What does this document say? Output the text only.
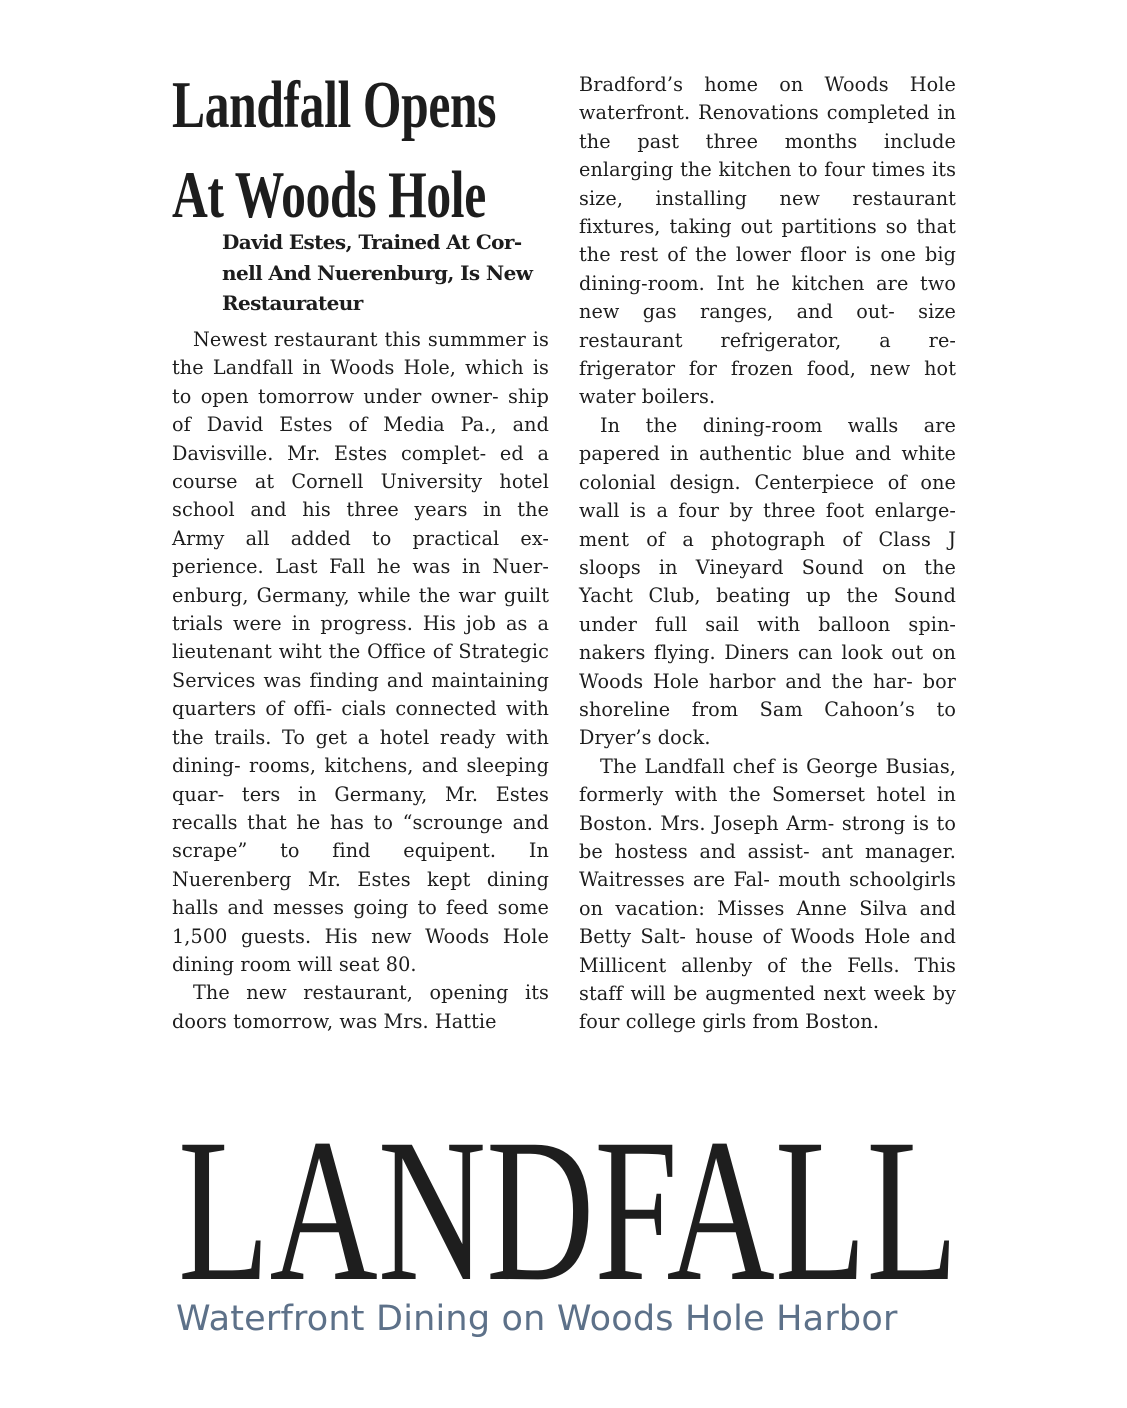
Landfall Opens
At Woods Hole
David Estes, Trained At Cor-
nell And Nuerenburg, Is New
Restaurateur

Newest restaurant this summmer is the Landfall in Woods Hole, which is to open tomorrow under owner- ship of David Estes of Media Pa., and Davisville. Mr. Estes complet- ed a course at Cornell University hotel school and his three years in the Army all added to practical ex- perience. Last Fall he was in Nuer- enburg, Germany, while the war guilt trials were in progress. His job as a lieutenant wiht the Office of Strategic Services was finding and maintaining quarters of offi- cials connected with the trails. To get a hotel ready with dining- rooms, kitchens, and sleeping quar- ters in Germany, Mr. Estes recalls that he has to “scrounge and scrape” to find equipent. In Nuerenberg Mr. Estes kept dining halls and messes going to feed some 1,500 guests. His new Woods Hole dining room will seat 80.

The new restaurant, opening its doors tomorrow, was Mrs. Hattie

Bradford’s home on Woods Hole waterfront. Renovations completed in the past three months include enlarging the kitchen to four times its size, installing new restaurant fixtures, taking out partitions so that the rest of the lower floor is one big dining-room. Int he kitchen are two new gas ranges, and out- size restaurant refrigerator, a re- frigerator for frozen food, new hot water boilers.

In the dining-room walls are papered in authentic blue and white colonial design. Centerpiece of one wall is a four by three foot enlarge- ment of a photograph of Class J sloops in Vineyard Sound on the Yacht Club, beating up the Sound under full sail with balloon spin- nakers flying. Diners can look out on Woods Hole harbor and the har- bor shoreline from Sam Cahoon’s to Dryer’s dock.

The Landfall chef is George Busias, formerly with the Somerset hotel in Boston. Mrs. Joseph Arm- strong is to be hostess and assist- ant manager. Waitresses are Fal- mouth schoolgirls on vacation: Misses Anne Silva and Betty Salt- house of Woods Hole and Millicent allenby of the Fells. This staff will be augmented next week by four college girls from Boston.

LANDFALL
Waterfront Dining on Woods Hole Harbor
